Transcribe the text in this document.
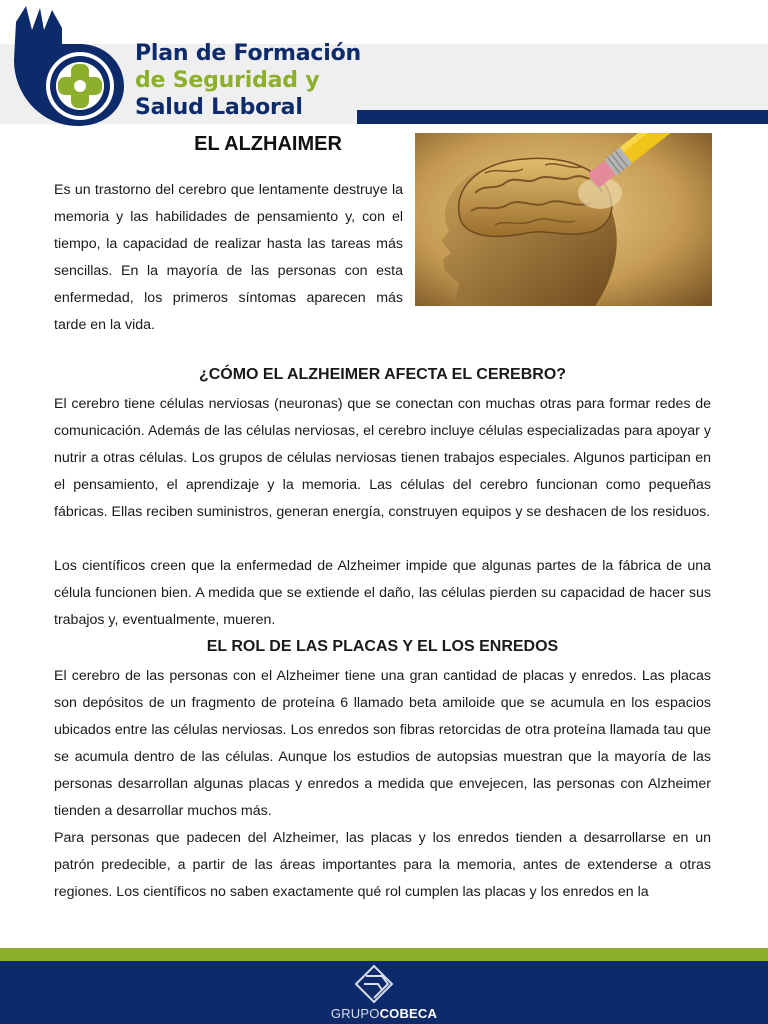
Plan de Formación
de Seguridad y
Salud Laboral
EL ALZHAIMER

Es un trastorno del cerebro que lentamente destruye la memoria y las habilidades de pensamiento y, con el tiempo, la capacidad de realizar hasta las tareas más sencillas. En la mayoría de las personas con esta enfermedad, los primeros síntomas aparecen más tarde en la vida.

¿CÓMO EL ALZHEIMER AFECTA EL CEREBRO?

El cerebro tiene células nerviosas (neuronas) que se conectan con muchas otras para formar redes de comunicación. Además de las células nerviosas, el cerebro incluye células especializadas para apoyar y nutrir a otras células. Los grupos de células nerviosas tienen trabajos especiales. Algunos participan en el pensamiento, el aprendizaje y la memoria. Las células del cerebro funcionan como pequeñas fábricas. Ellas reciben suministros, generan energía, construyen equipos y se deshacen de los residuos.

Los científicos creen que la enfermedad de Alzheimer impide que algunas partes de la fábrica de una célula funcionen bien. A medida que se extiende el daño, las células pierden su capacidad de hacer sus trabajos y, eventualmente, mueren.

EL ROL DE LAS PLACAS Y EL LOS ENREDOS

El cerebro de las personas con el Alzheimer tiene una gran cantidad de placas y enredos. Las placas son depósitos de un fragmento de proteína 6 llamado beta amiloide que se acumula en los espacios ubicados entre las células nerviosas. Los enredos son fibras retorcidas de otra proteína llamada tau que se acumula dentro de las células. Aunque los estudios de autopsias muestran que la mayoría de las personas desarrollan algunas placas y enredos a medida que envejecen, las personas con Alzheimer tienden a desarrollar muchos más.

Para personas que padecen del Alzheimer, las placas y los enredos tienden a desarrollarse en un patrón predecible, a partir de las áreas importantes para la memoria, antes de extenderse a otras regiones. Los científicos no saben exactamente qué rol cumplen las placas y los enredos en la

GRUPOCOBECA
